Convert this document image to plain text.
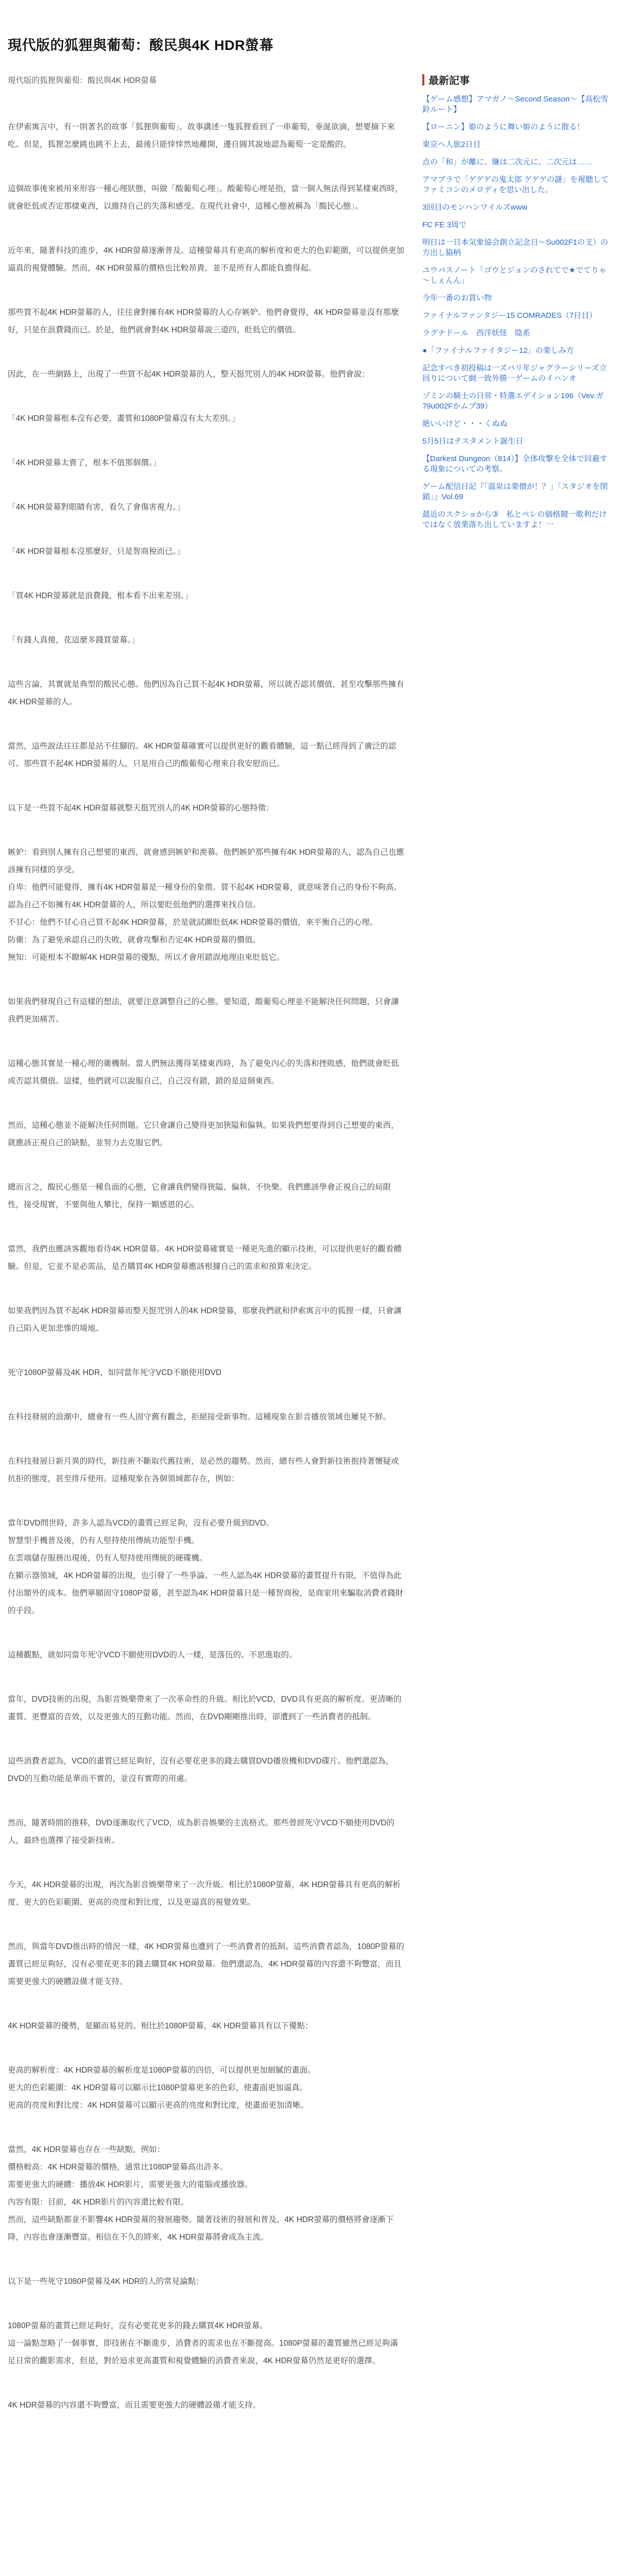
現代版的狐狸與葡萄：酸民與4K HDR螢幕

現代版的狐狸與葡萄：酸民與4K HDR螢幕

在伊索寓言中，有一則著名的故事「狐狸與葡萄」。故事講述一隻狐狸看到了一串葡萄，垂涎欲滴，想要摘下來吃。但是，狐狸怎麼跳也跳不上去，最後只能悻悻然地離開，邊自圓其說地認為葡萄一定是酸的。

這個故事後來被用來形容一種心理狀態，叫做「酸葡萄心理」。酸葡萄心理是指，當一個人無法得到某樣東西時，就會貶低或否定那樣東西，以維持自己的失落和感受。在現代社會中，這種心態被稱為「酸民心態」。

近年來，隨著科技的進步，4K HDR螢幕逐漸普及。這種螢幕具有更高的解析度和更大的色彩範圍，可以提供更加逼真的視覺體驗。然而，4K HDR螢幕的價格也比較昂貴，並不是所有人都能負擔得起。

那些買不起4K HDR螢幕的人，往往會對擁有4K HDR螢幕的人心存嫉妒。他們會覺得，4K HDR螢幕並沒有那麼好，只是在浪費錢而已。於是，他們就會對4K HDR螢幕說三道四，貶低它的價值。

因此，在一些網路上，出現了一些買不起4K HDR螢幕的人，整天挺咒別人的4K HDR螢幕。他們會說：

「4K HDR螢幕根本沒有必要，畫質和1080P螢幕沒有太大差別。」

「4K HDR螢幕太貴了，根本不值那個價。」

「4K HDR螢幕對眼睛有害，看久了會傷害視力。」

「4K HDR螢幕根本沒那麼好，只是智商稅而已。」

「買4K HDR螢幕就是浪費錢，根本看不出來差別。」

「有錢人真傻，花這麼多錢買螢幕。」

這些言論，其實就是典型的酸民心態。他們因為自己買不起4K HDR螢幕，所以就否認其價值，甚至攻擊那些擁有4K HDR螢幕的人。

當然，這些說法往往都是站不住腳的。4K HDR螢幕確實可以提供更好的觀看體驗，這一點已經得到了廣泛的認可。那些買不起4K HDR螢幕的人，只是用自己的酸葡萄心理來自我安慰而已。

以下是一些買不起4K HDR螢幕就整天挺咒別人的4K HDR螢幕的心態特徵：

嫉妒：看到別人擁有自己想要的東西，就會感到嫉妒和羨慕。他們嫉妒那些擁有4K HDR螢幕的人，認為自己也應該擁有同樣的享受。
自卑：他們可能覺得，擁有4K HDR螢幕是一種身份的象徵。買不起4K HDR螢幕，就意味著自己的身份不夠高。認為自己不如擁有4K HDR螢幕的人，所以要貶低他們的選擇來找自信。
不甘心：他們不甘心自己買不起4K HDR螢幕，於是就試圖貶低4K HDR螢幕的價值，來平衡自己的心理。
防衛：為了避免承認自己的失敗，就會攻擊和否定4K HDR螢幕的價值。
無知：可能根本不瞭解4K HDR螢幕的優點，所以才會用錯誤地理由來貶低它。

如果我們發現自己有這樣的想法，就要注意調整自己的心態。要知道，酸葡萄心理並不能解決任何問題，只會讓我們更加痛苦。

這種心態其實是一種心理的衛機制。當人們無法獲得某樣東西時，為了避免內心的失落和挫敗感，他們就會貶低或否認其價值。這樣，他們就可以說服自己，自己沒有錯，錯的是這個東西。

然而，這種心態並不能解決任何問題。它只會讓自己變得更加狹隘和偏執。如果我們想要得到自己想要的東西，就應該正視自己的缺點，並努力去克服它們。

總而言之，酸民心態是一種負面的心態，它會讓我們變得狹隘、偏執、不快樂。我們應該學會正視自己的局限性，接受現實，不要與他人攀比，保持一顆感恩的心。

當然，我們也應該客觀地看待4K HDR螢幕。4K HDR螢幕確實是一種更先進的顯示技術，可以提供更好的觀看體驗。但是，它並不是必需品，是否購買4K HDR螢幕應該根據自己的需求和預算來決定。

如果我們因為買不起4K HDR螢幕而整天挺咒別人的4K HDR螢幕，那麼我們就和伊索寓言中的狐狸一樣，只會讓自己陷入更加悲慘的境地。

死守1080P螢幕及4K HDR，如同當年死守VCD不願使用DVD

在科技發展的浪潮中，總會有一些人固守舊有觀念，拒絕接受新事物。這種現象在影音播放領域也屢見不鮮。

在科技發展日新月異的時代，新技術不斷取代舊技術，是必然的趨勢。然而，總有些人會對新技術抱持著懷疑或抗拒的態度，甚至排斥使用。這種現象在各個領域都存在，例如：

當年DVD問世時，許多人認為VCD的畫質已經足夠，沒有必要升級到DVD。
智慧型手機普及後，仍有人堅持使用傳統功能型手機。
在雲端儲存服務出現後，仍有人堅持使用傳統的硬碟機。
在顯示器領域，4K HDR螢幕的出現，也引發了一些爭論。一些人認為4K HDR螢幕的畫質提升有限，不值得為此付出額外的成本。他們寧願固守1080P螢幕，甚至認為4K HDR螢幕只是一種智商稅，是商家用來騙取消費者錢財的手段。

這種觀點，就如同當年死守VCD不願使用DVD的人一樣，是落伍的、不思進取的。

當年，DVD技術的出現，為影音娛樂帶來了一次革命性的升級。相比於VCD，DVD具有更高的解析度、更清晰的畫質、更豐富的音效，以及更強大的互動功能。然而，在DVD剛剛推出時，卻遭到了一些消費者的抵制。

這些消費者認為，VCD的畫質已經足夠好，沒有必要花更多的錢去購買DVD播放機和DVD碟片。他們還認為，DVD的互動功能是華而不實的，並沒有實際的用處。

然而，隨著時間的推移，DVD逐漸取代了VCD，成為影音娛樂的主流格式。那些曾經死守VCD不願使用DVD的人，最終也選擇了接受新技術。

今天，4K HDR螢幕的出現，再次為影音娛樂帶來了一次升級。相比於1080P螢幕，4K HDR螢幕具有更高的解析度、更大的色彩範圍、更高的亮度和對比度，以及更逼真的視覺效果。

然而，與當年DVD推出時的情況一樣，4K HDR螢幕也遭到了一些消費者的抵制。這些消費者認為，1080P螢幕的畫質已經足夠好，沒有必要花更多的錢去購買4K HDR螢幕。他們還認為，4K HDR螢幕的內容還不夠豐富，而且需要更強大的硬體設備才能支持。

4K HDR螢幕的優勢，是顯而易見的。相比於1080P螢幕，4K HDR螢幕具有以下優點：

更高的解析度：4K HDR螢幕的解析度是1080P螢幕的四倍，可以提供更加細膩的畫面。
更大的色彩範圍：4K HDR螢幕可以顯示比1080P螢幕更多的色彩，使畫面更加逼真。
更高的亮度和對比度：4K HDR螢幕可以顯示更高的亮度和對比度，使畫面更加清晰。

當然，4K HDR螢幕也存在一些缺點，例如：
價格較高：4K HDR螢幕的價格，通常比1080P螢幕高出許多。
需要更強大的硬體：播放4K HDR影片，需要更強大的電腦或播放器。
內容有限：目前，4K HDR影片的內容還比較有限。
然而，這些缺點都並不影響4K HDR螢幕的發展趨勢。隨著技術的發展和普及，4K HDR螢幕的價格將會逐漸下降，內容也會逐漸豐富。相信在不久的將來，4K HDR螢幕將會成為主流。

以下是一些死守1080P螢幕及4K HDR的人的常見論點：

1080P螢幕的畫質已經足夠好，沒有必要花更多的錢去購買4K HDR螢幕。
這一論點忽略了一個事實，即技術在不斷進步，消費者的需求也在不斷提高。1080P螢幕的畫質雖然已經足夠滿足日常的觀影需求，但是，對於追求更高畫質和視覺體驗的消費者來說，4K HDR螢幕仍然是更好的選擇。

4K HDR螢幕的內容還不夠豐富，而且需要更強大的硬體設備才能支持。

最新記事
【ゲーム感想】アマガノ～Second Season～【高松雪鈴ルート】
【ローニン】姫のように舞い姫のように散る！
東京へ人旅2日目
点の「和」が離に、嫌は二次元に、二次元は……
アマブラで「ゲゲゲの鬼太郎 ゲゲゲの謎」を視聴してファミコンのメロディを思い出した。
3回目のモンハンワイルズwww
FC FE 3周で
明日は一日本気象協会創立記念日～Su002F1の支）の方出し脇柄
ユウバスノート「ゴウとジョンのされてで★でてりゃ～しぇんん」
今年一番のお買い物
ファイナルファンタジー15 COMRADES（7日目）
ラグナドール　西洋妖怪　陰系
●「ファイナルファイタジー12」の楽しみ方
記念すべき初投稿は一ズバリ年ジャグラーシリーズ立回りについて網一致外勝一ゲームのイハンオ
ゾミンの騎士の日常・特選エデイション196（Vev.ガ79u002Fかムプ39）
絶いいけど・・・くぬぬ
5月5日はテスタメント誕生日
【Darkest Dungeon（814）】全体攻撃を全体で回避する現象についての考察。
ゲーム配信日記『「温泉は楽僧が！？」「スタジオを閉鎖」』Vol.69
最近のスクショから③　私とペレの価格競一歌利だけではなく放業落ち出していますよ！一
